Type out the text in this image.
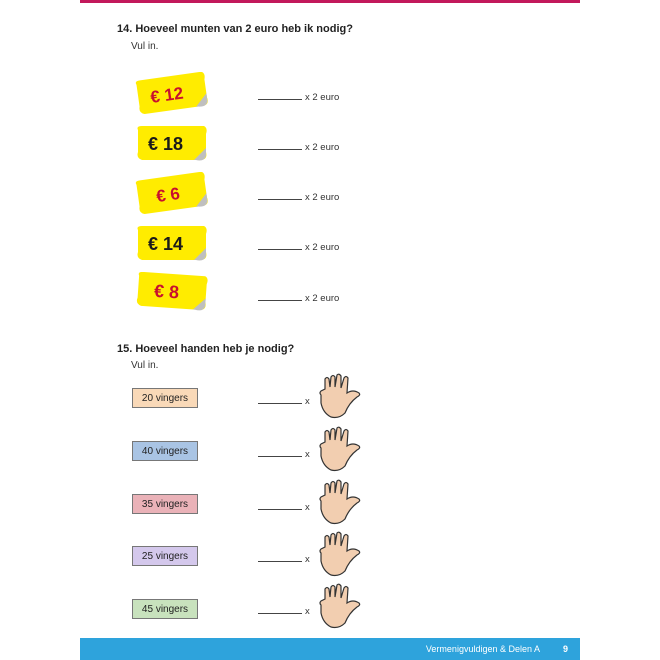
14. Hoeveel munten van 2 euro heb ik nodig?
Vul in.
€ 12	x 2 euro
€ 18	x 2 euro
€ 6	x 2 euro
€ 14	x 2 euro
€ 8	x 2 euro
15. Hoeveel handen heb je nodig?
Vul in.
20 vingers	x
40 vingers	x
35 vingers	x
25 vingers	x
45 vingers	x
Vermenigvuldigen & Delen A	9
